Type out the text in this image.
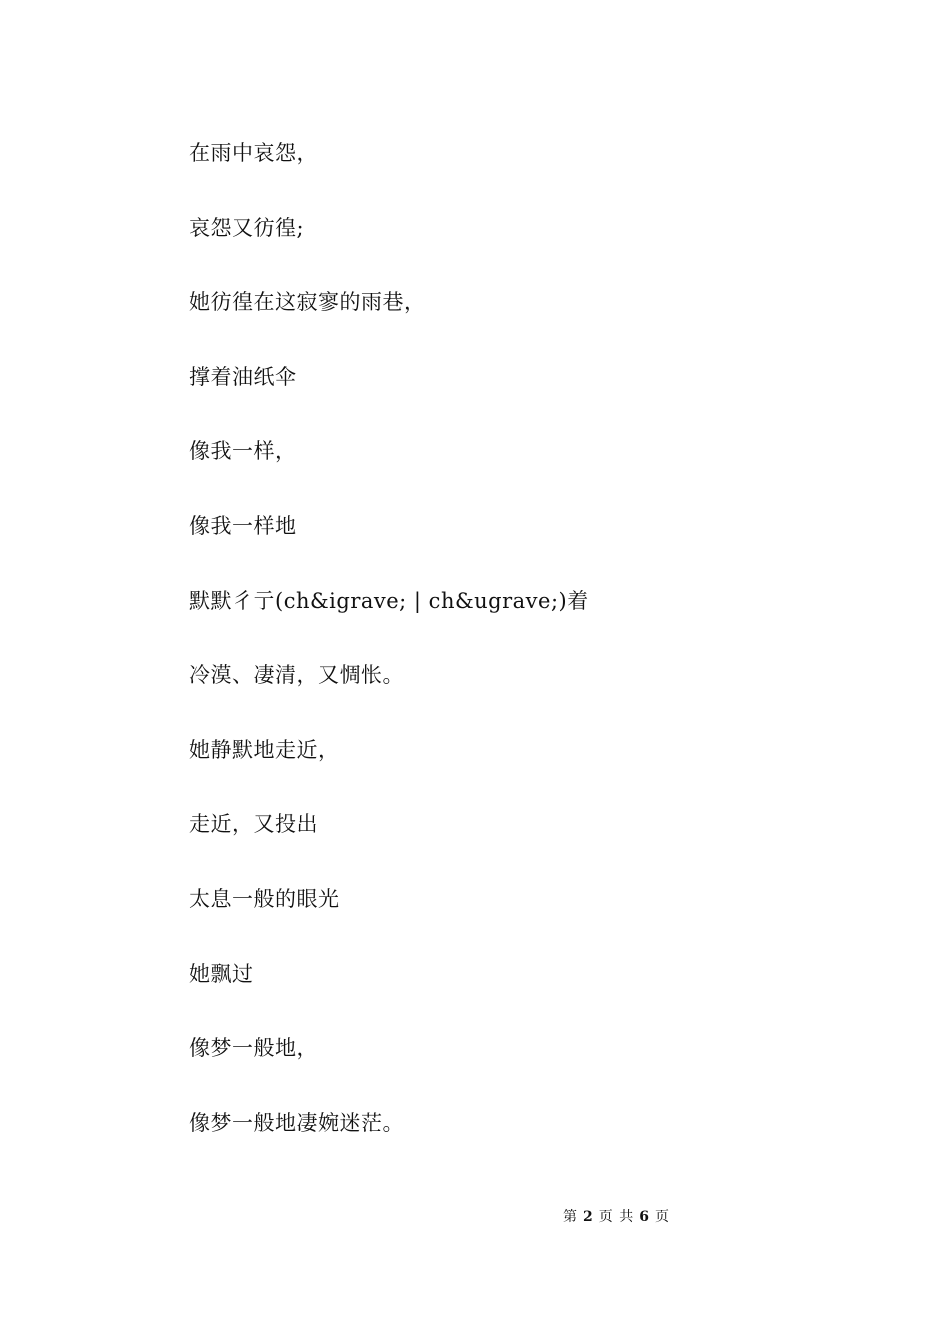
在雨中哀怨，
哀怨又彷徨;
她彷徨在这寂寥的雨巷，
撑着油纸伞
像我一样，
像我一样地
默默彳亍(ch&igrave; | ch&ugrave;)着
冷漠、凄清，又惆怅。
她静默地走近，
走近，又投出
太息一般的眼光
她飘过
像梦一般地，
像梦一般地凄婉迷茫。
第 2 页 共 6 页
